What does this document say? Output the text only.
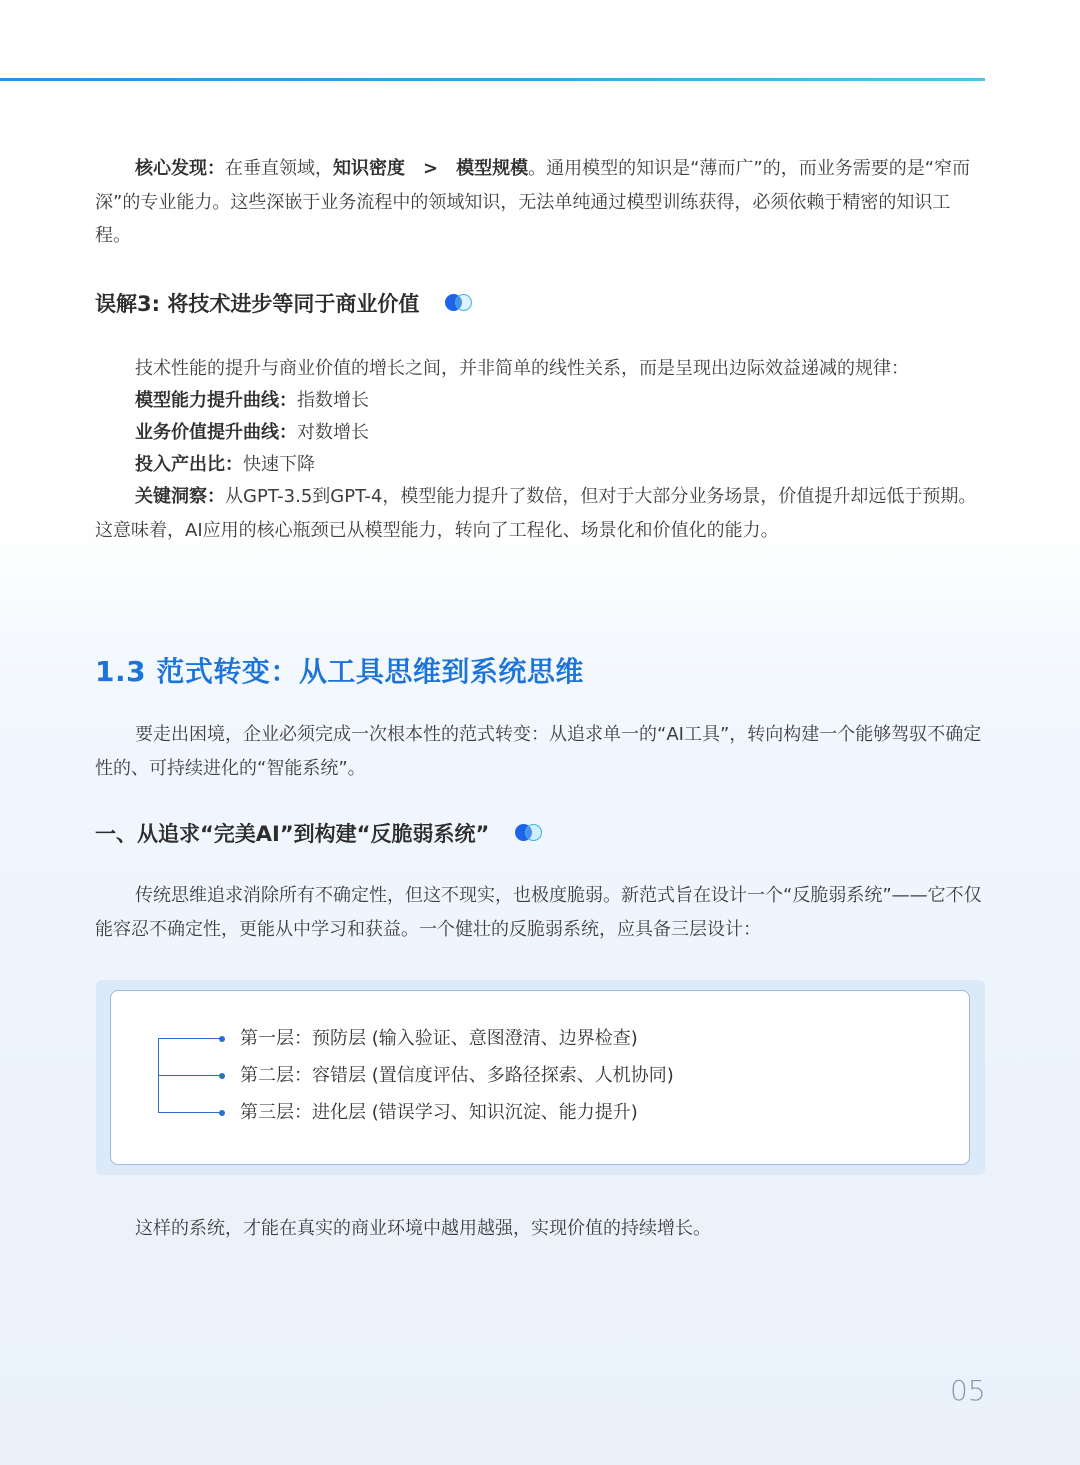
核心发现：在垂直领域，知识密度　>　模型规模。通用模型的知识是“薄而广”的，而业务需要的是“窄而深”的专业能力。这些深嵌于业务流程中的领域知识，无法单纯通过模型训练获得，必须依赖于精密的知识工程。

误解3: 将技术进步等同于商业价值
技术性能的提升与商业价值的增长之间，并非简单的线性关系，而是呈现出边际效益递减的规律：
模型能力提升曲线：指数增长
业务价值提升曲线：对数增长
投入产出比：快速下降

关键洞察：从GPT-3.5到GPT-4，模型能力提升了数倍，但对于大部分业务场景，价值提升却远低于预期。这意味着，AI应用的核心瓶颈已从模型能力，转向了工程化、场景化和价值化的能力。

1.3 范式转变：从工具思维到系统思维

要走出困境，企业必须完成一次根本性的范式转变：从追求单一的“AI工具”，转向构建一个能够驾驭不确定性的、可持续进化的“智能系统”。

一、从追求“完美AI”到构建“反脆弱系统”

传统思维追求消除所有不确定性，但这不现实，也极度脆弱。新范式旨在设计一个“反脆弱系统”——它不仅能容忍不确定性，更能从中学习和获益。一个健壮的反脆弱系统，应具备三层设计：

第一层：预防层 (输入验证、意图澄清、边界检查)
第二层：容错层 (置信度评估、多路径探索、人机协同)
第三层：进化层 (错误学习、知识沉淀、能力提升)
这样的系统，才能在真实的商业环境中越用越强，实现价值的持续增长。
05
